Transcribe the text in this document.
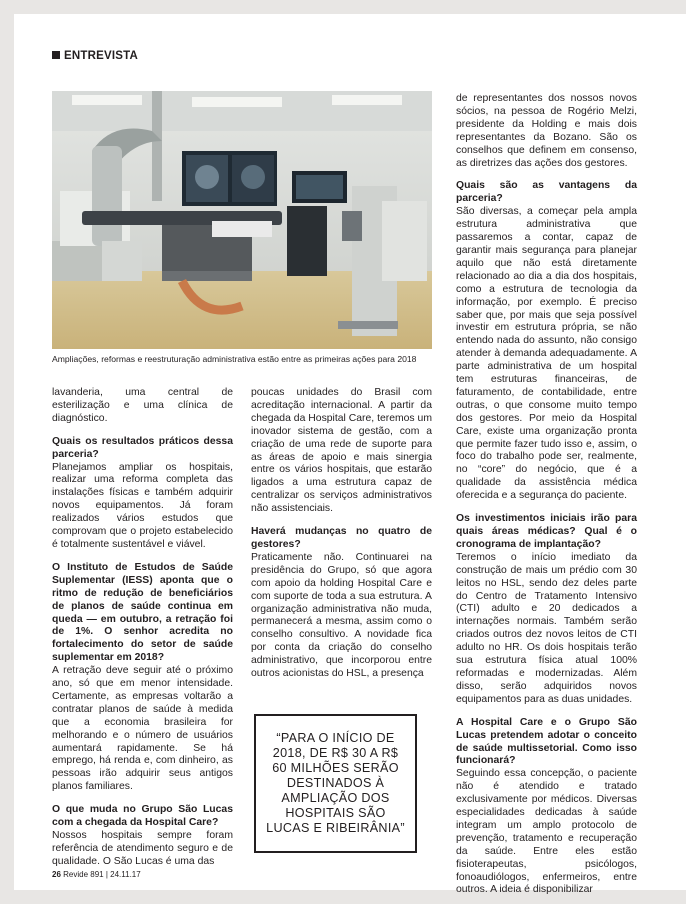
ENTREVISTA
Ampliações, reformas e reestruturação administrativa estão entre as primeiras ações para 2018

lavanderia, uma central de esterilização e uma clínica de diagnóstico.

Quais os resultados práticos dessa parceria?

Planejamos ampliar os hospitais, realizar uma reforma completa das instalações físicas e também adquirir novos equipamentos. Já foram realizados vários estudos que comprovam que o projeto estabelecido é totalmente sustentável e viável.

O Instituto de Estudos de Saúde Suplementar (IESS) aponta que o ritmo de redução de beneficiários de planos de saúde continua em queda — em outubro, a retração foi de 1%. O senhor acredita no fortalecimento do setor de saúde suplementar em 2018?

A retração deve seguir até o próximo ano, só que em menor intensidade. Certamente, as empresas voltarão a contratar planos de saúde à medida que a economia brasileira for melhorando e o número de usuários aumentará rapidamente. Se há emprego, há renda e, com dinheiro, as pessoas irão adquirir seus antigos planos familiares.

O que muda no Grupo São Lucas com a chegada da Hospital Care?

Nossos hospitais sempre foram referência de atendimento seguro e de qualidade. O São Lucas é uma das

poucas unidades do Brasil com acreditação internacional. A partir da chegada da Hospital Care, teremos um inovador sistema de gestão, com a criação de uma rede de suporte para as áreas de apoio e mais sinergia entre os vários hospitais, que estarão ligados a uma estrutura capaz de centralizar os serviços administrativos não assistenciais.

Haverá mudanças no quatro de gestores?

Praticamente não. Continuarei na presidência do Grupo, só que agora com apoio da holding Hospital Care e com suporte de toda a sua estrutura. A organização administrativa não muda, permanecerá a mesma, assim como o conselho consultivo. A novidade fica por conta da criação do conselho administrativo, que incorporou entre outros acionistas do HSL, a presença

“PARA O INÍCIO DE 2018, DE R$ 30 A R$ 60 MILHÕES SERÃO DESTINADOS À AMPLIAÇÃO DOS HOSPITAIS SÃO LUCAS E RIBEIRÂNIA”

de representantes dos nossos novos sócios, na pessoa de Rogério Melzi, presidente da Holding e mais dois representantes da Bozano. São os conselhos que definem em consenso, as diretrizes das ações dos gestores.

Quais são as vantagens da parceria?

São diversas, a começar pela ampla estrutura administrativa que passaremos a contar, capaz de garantir mais segurança para planejar aquilo que não está diretamente relacionado ao dia a dia dos hospitais, como a estrutura de tecnologia da informação, por exemplo. É preciso saber que, por mais que seja possível investir em estrutura própria, se não entendo nada do assunto, não consigo atender à demanda adequadamente. A parte administrativa de um hospital tem estruturas financeiras, de faturamento, de contabilidade, entre outras, o que consome muito tempo dos gestores. Por meio da Hospital Care, existe uma organização pronta que permite fazer tudo isso e, assim, o foco do trabalho pode ser, realmente, no “core” do negócio, que é a qualidade da assistência médica oferecida e a segurança do paciente.

Os investimentos iniciais irão para quais áreas médicas? Qual é o cronograma de implantação?

Teremos o início imediato da construção de mais um prédio com 30 leitos no HSL, sendo dez deles parte do Centro de Tratamento Intensivo (CTI) adulto e 20 dedicados a internações normais. Também serão criados outros dez novos leitos de CTI adulto no HR. Os dois hospitais terão sua estrutura física atual 100% reformadas e modernizadas. Além disso, serão adquiridos novos equipamentos para as duas unidades.

A Hospital Care e o Grupo São Lucas pretendem adotar o conceito de saúde multissetorial. Como isso funcionará?

Seguindo essa concepção, o paciente não é atendido e tratado exclusivamente por médicos. Diversas especialidades dedicadas à saúde integram um amplo protocolo de prevenção, tratamento e recuperação da saúde. Entre eles estão fisioterapeutas, psicólogos, fonoaudiólogos, enfermeiros, entre outros. A ideia é disponibilizar

26 Revide 891 | 24.11.17
